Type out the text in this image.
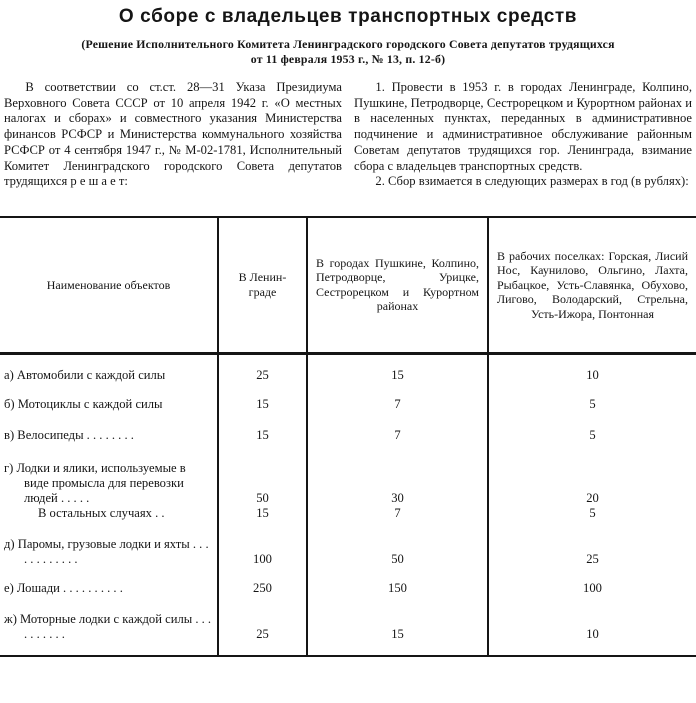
О сборе с владельцев транспортных средств
(Решение Исполнительного Комитета Ленинградского городского Совета депутатов трудящихся
от 11 февраля 1953 г., № 13, п. 12-б)

В соответствии со ст.ст. 28—31 Указа Президиума Верховного Совета СССР от 10 апреля 1942 г. «О местных налогах и сборах» и совместного указания Министерства финансов РСФСР и Министерства коммунального хозяйства РСФСР от 4 сентября 1947 г., № М-02-1781, Исполнительный Комитет Ленинградского городского Совета депутатов трудящихся р е ш а е т:

1. Провести в 1953 г. в городах Ленинграде, Колпино, Пушкине, Петродворце, Сестрорецком и Курортном районах и в населенных пунктах, переданных в административное подчинение и административное обслуживание районным Советам депутатов трудящихся гор. Ленинграда, взимание сбора с владельцев транспортных средств.

2. Сбор взимается в следующих размерах в год (в рублях):

Наименование объектов	В Ленин-граде	В городах Пушкине, Колпино, Петродворце, Урицке, Сестрорецком и Курортном районах	В рабочих поселках: Горская, Лисий Нос, Каунилово, Ольгино, Лахта, Рыбацкое, Усть-Славянка, Обухово, Лигово, Володарский, Стрельна, Усть-Ижора, Понтонная

а) Автомобили с каждой силы	25	15	10

б) Мотоциклы с каждой силы	15	7	5

в) Велосипеды . . . . . . . .	15	7	5

г) Лодки и ялики, используемые в виде промысла для перевозки людей . . . . .	50	30	20

В остальных случаях . .	15	7	5

д) Паромы, грузовые лодки и яхты . . . . . . . . . . . .	100	50	25

е) Лошади . . . . . . . . . .	250	150	100

ж) Моторные лодки с каждой силы . . . . . . . . . .	25	15	10
